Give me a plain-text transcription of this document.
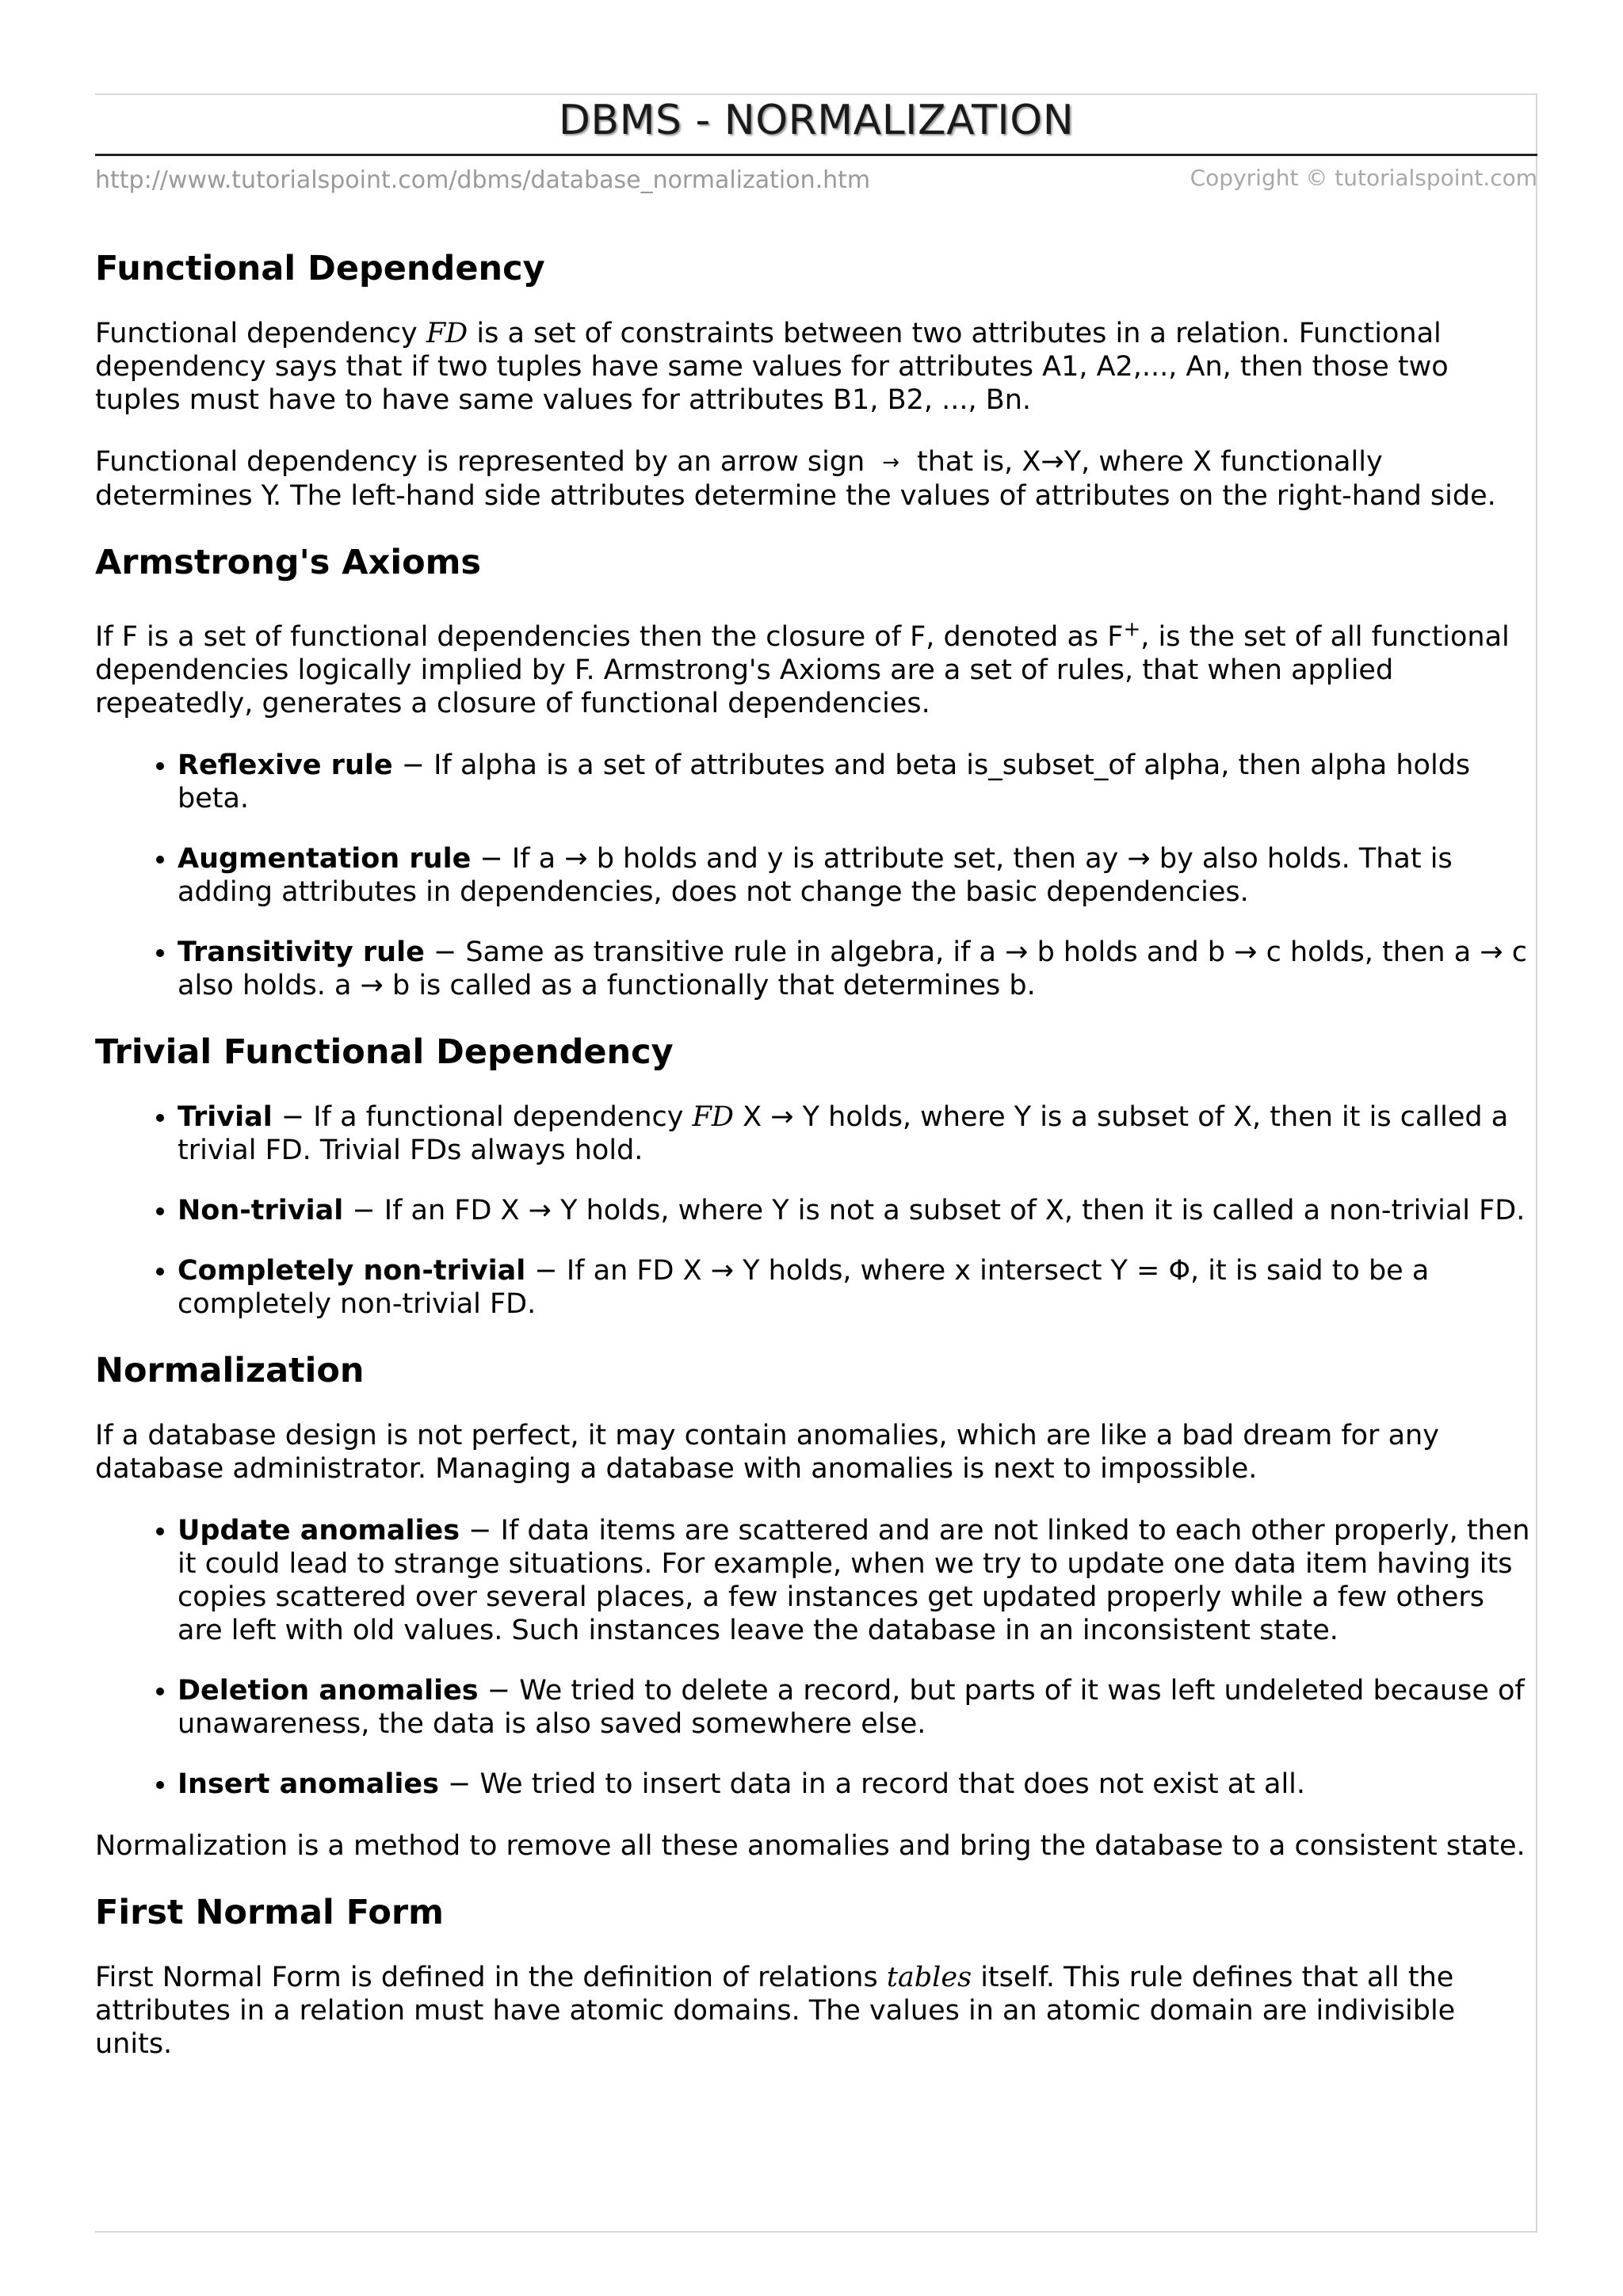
DBMS - NORMALIZATION
http://www.tutorialspoint.com/dbms/database_normalization.htm	Copyright © tutorialspoint.com
Functional Dependency

Functional dependency FD is a set of constraints between two attributes in a relation. Functional dependency says that if two tuples have same values for attributes A1, A2,..., An, then those two tuples must have to have same values for attributes B1, B2, ..., Bn.

Functional dependency is represented by an arrow sign → that is, X→Y, where X functionally determines Y. The left-hand side attributes determine the values of attributes on the right-hand side.

Armstrong's Axioms

If F is a set of functional dependencies then the closure of F, denoted as F+, is the set of all functional dependencies logically implied by F. Armstrong's Axioms are a set of rules, that when applied repeatedly, generates a closure of functional dependencies.

• Reflexive rule − If alpha is a set of attributes and beta is_subset_of alpha, then alpha holds beta.
• Augmentation rule − If a → b holds and y is attribute set, then ay → by also holds. That is adding attributes in dependencies, does not change the basic dependencies.
• Transitivity rule − Same as transitive rule in algebra, if a → b holds and b → c holds, then a → c also holds. a → b is called as a functionally that determines b.
Trivial Functional Dependency
• Trivial − If a functional dependency FD X → Y holds, where Y is a subset of X, then it is called a trivial FD. Trivial FDs always hold.
• Non-trivial − If an FD X → Y holds, where Y is not a subset of X, then it is called a non-trivial FD.
• Completely non-trivial − If an FD X → Y holds, where x intersect Y = Φ, it is said to be a completely non-trivial FD.
Normalization

If a database design is not perfect, it may contain anomalies, which are like a bad dream for any database administrator. Managing a database with anomalies is next to impossible.

• Update anomalies − If data items are scattered and are not linked to each other properly, then it could lead to strange situations. For example, when we try to update one data item having its copies scattered over several places, a few instances get updated properly while a few others are left with old values. Such instances leave the database in an inconsistent state.
• Deletion anomalies − We tried to delete a record, but parts of it was left undeleted because of unawareness, the data is also saved somewhere else.
• Insert anomalies − We tried to insert data in a record that does not exist at all.

Normalization is a method to remove all these anomalies and bring the database to a consistent state.

First Normal Form

First Normal Form is defined in the definition of relations tables itself. This rule defines that all the attributes in a relation must have atomic domains. The values in an atomic domain are indivisible units.
